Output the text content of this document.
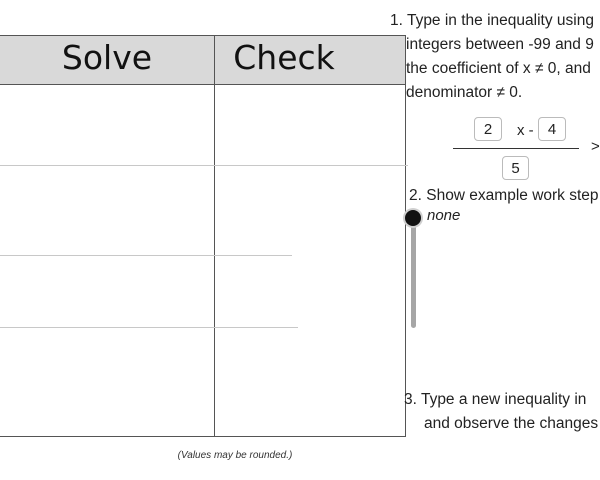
Solve	Check
(Values may be rounded.)
1. Type in the inequality using
integers between -99 and 9
the coefficient of x ≠ 0, and
denominator ≠ 0.
2	x - 4
5
>
2. Show example work step
none
3. Type a new inequality in
and observe the changes
